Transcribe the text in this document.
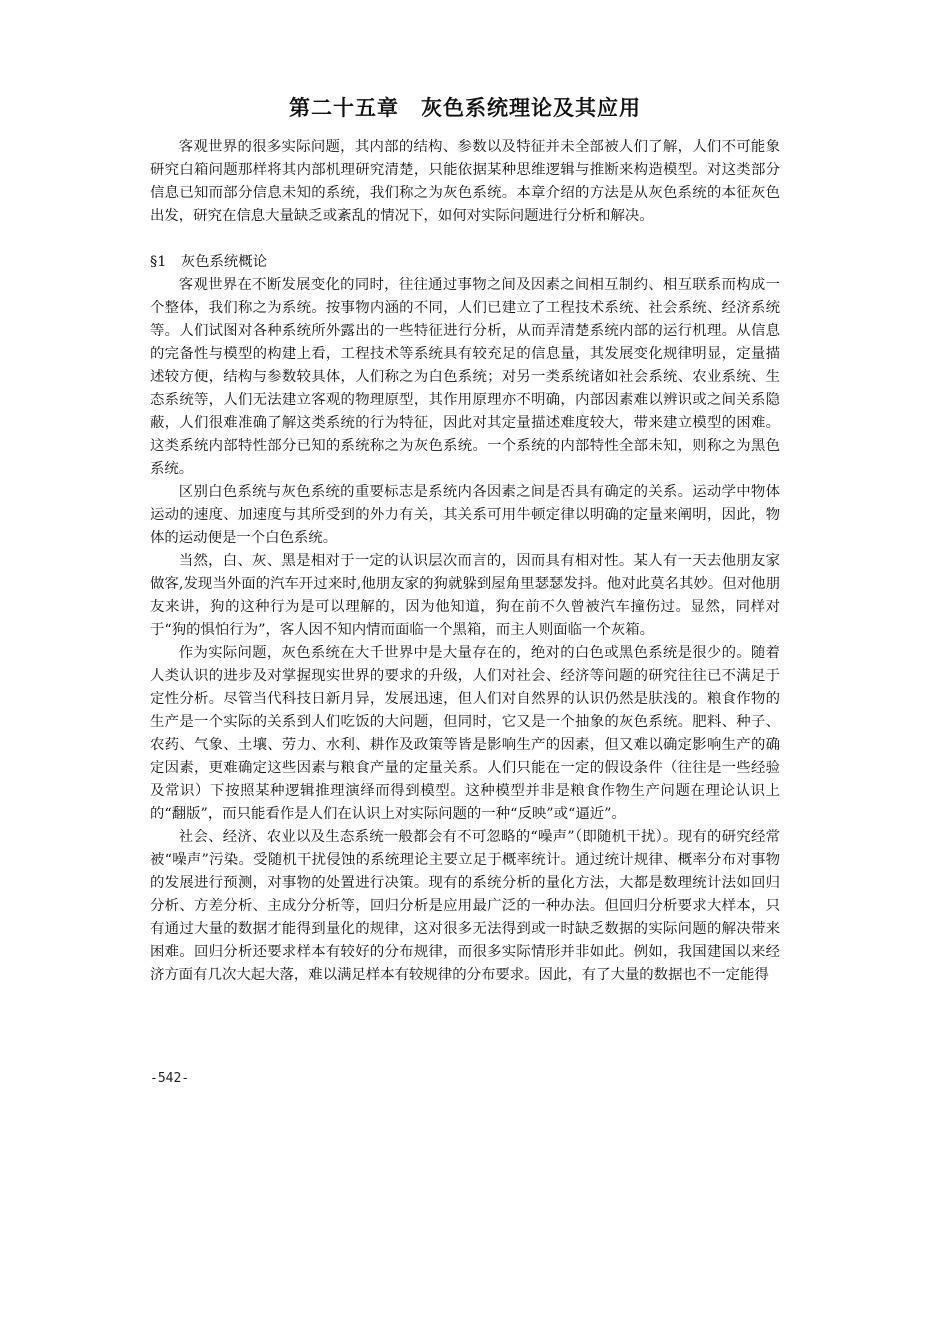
第二十五章　灰色系统理论及其应用

客观世界的很多实际问题，其内部的结构、参数以及特征并未全部被人们了解，人们不可能象研究白箱问题那样将其内部机理研究清楚，只能依据某种思维逻辑与推断来构造模型。对这类部分信息已知而部分信息未知的系统，我们称之为灰色系统。本章介绍的方法是从灰色系统的本征灰色出发，研究在信息大量缺乏或紊乱的情况下，如何对实际问题进行分析和解决。

§1　灰色系统概论

客观世界在不断发展变化的同时，往往通过事物之间及因素之间相互制约、相互联系而构成一个整体，我们称之为系统。按事物内涵的不同，人们已建立了工程技术系统、社会系统、经济系统等。人们试图对各种系统所外露出的一些特征进行分析，从而弄清楚系统内部的运行机理。从信息的完备性与模型的构建上看，工程技术等系统具有较充足的信息量，其发展变化规律明显，定量描述较方便，结构与参数较具体，人们称之为白色系统；对另一类系统诸如社会系统、农业系统、生态系统等，人们无法建立客观的物理原型，其作用原理亦不明确，内部因素难以辨识或之间关系隐蔽，人们很难准确了解这类系统的行为特征，因此对其定量描述难度较大，带来建立模型的困难。这类系统内部特性部分已知的系统称之为灰色系统。一个系统的内部特性全部未知，则称之为黑色系统。

区别白色系统与灰色系统的重要标志是系统内各因素之间是否具有确定的关系。运动学中物体运动的速度、加速度与其所受到的外力有关，其关系可用牛顿定律以明确的定量来阐明，因此，物体的运动便是一个白色系统。

当然，白、灰、黑是相对于一定的认识层次而言的，因而具有相对性。某人有一天去他朋友家做客,发现当外面的汽车开过来时,他朋友家的狗就躲到屋角里瑟瑟发抖。他对此莫名其妙。但对他朋友来讲，狗的这种行为是可以理解的，因为他知道，狗在前不久曾被汽车撞伤过。显然，同样对于“狗的惧怕行为”，客人因不知内情而面临一个黑箱，而主人则面临一个灰箱。

作为实际问题，灰色系统在大千世界中是大量存在的，绝对的白色或黑色系统是很少的。随着人类认识的进步及对掌握现实世界的要求的升级，人们对社会、经济等问题的研究往往已不满足于定性分析。尽管当代科技日新月异，发展迅速，但人们对自然界的认识仍然是肤浅的。粮食作物的生产是一个实际的关系到人们吃饭的大问题，但同时，它又是一个抽象的灰色系统。肥料、种子、农药、气象、土壤、劳力、水利、耕作及政策等皆是影响生产的因素，但又难以确定影响生产的确定因素，更难确定这些因素与粮食产量的定量关系。人们只能在一定的假设条件（往往是一些经验及常识）下按照某种逻辑推理演绎而得到模型。这种模型并非是粮食作物生产问题在理论认识上的“翻版”，而只能看作是人们在认识上对实际问题的一种“反映”或“逼近”。

社会、经济、农业以及生态系统一般都会有不可忽略的“噪声”（即随机干扰）。现有的研究经常被“噪声”污染。受随机干扰侵蚀的系统理论主要立足于概率统计。通过统计规律、概率分布对事物的发展进行预测，对事物的处置进行决策。现有的系统分析的量化方法，大都是数理统计法如回归分析、方差分析、主成分分析等，回归分析是应用最广泛的一种办法。但回归分析要求大样本，只有通过大量的数据才能得到量化的规律，这对很多无法得到或一时缺乏数据的实际问题的解决带来困难。回归分析还要求样本有较好的分布规律，而很多实际情形并非如此。例如，我国建国以来经济方面有几次大起大落，难以满足样本有较规律的分布要求。因此，有了大量的数据也不一定能得

-542-
